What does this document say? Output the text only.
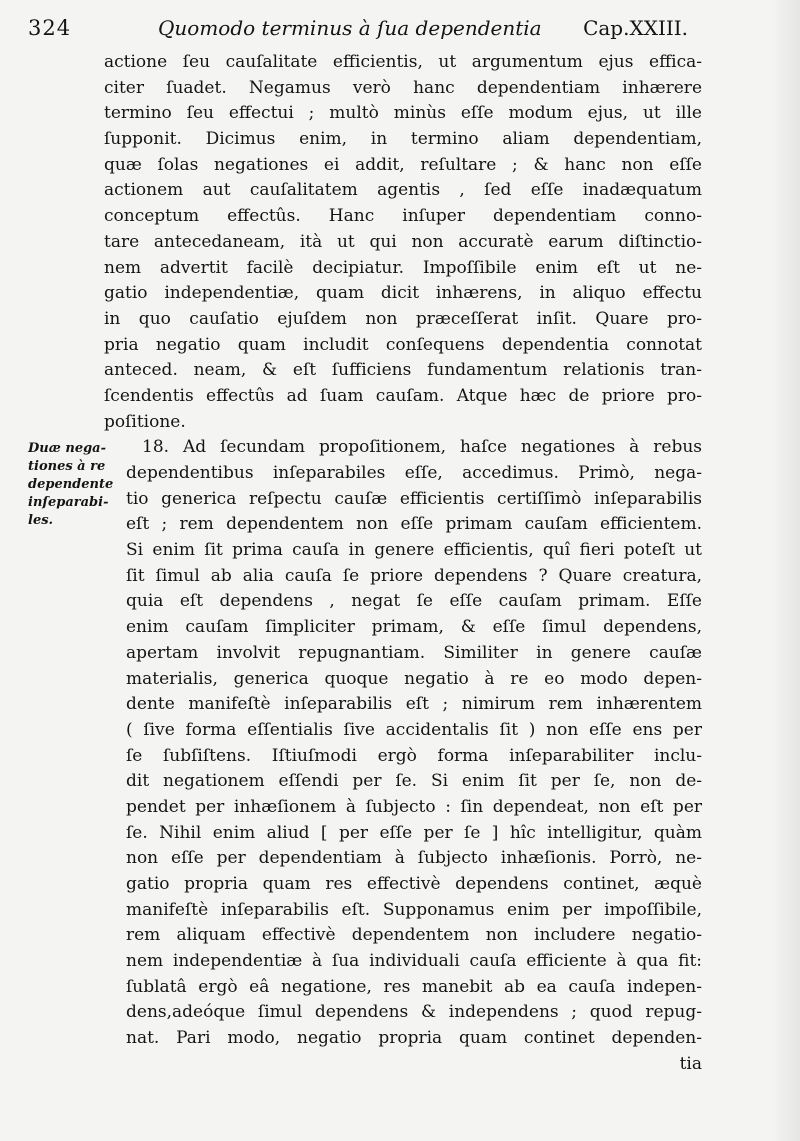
324	Quomodo terminus à ſua dependentia Cap.XXIII.
Duæ nega-
tiones à re
dependente
inſeparabi-
les.
actione ſeu cauſalitate efficientis, ut argumentum ejus effica-
citer ſuadet. Negamus verò hanc dependentiam inhærere
termino ſeu effectui ; multò minùs eſſe modum ejus, ut ille
ſupponit. Dicimus enim, in termino aliam dependentiam,
quæ ſolas negationes ei addit, reſultare ; & hanc non eſſe
actionem aut cauſalitatem agentis , ſed eſſe inadæquatum
conceptum effectûs. Hanc inſuper dependentiam conno-
tare antecedaneam, ità ut qui non accuratè earum diſtinctio-
nem advertit facilè decipiatur. Impoſſibile enim eſt ut ne-
gatio independentiæ, quam dicit inhærens, in aliquo effectu
in quo cauſatio ejuſdem non præceſſerat inſit. Quare pro-
pria negatio quam includit conſequens dependentia connotat
anteced. neam, & eſt ſufficiens fundamentum relationis tran-
ſcendentis effectûs ad ſuam cauſam. Atque hæc de priore pro-
poſitione.
18. Ad ſecundam propoſitionem, haſce negationes à rebus
dependentibus inſeparabiles eſſe, accedimus. Primò, nega-
tio generica reſpectu cauſæ efficientis certiſſimò inſeparabilis
eſt ; rem dependentem non eſſe primam cauſam efficientem.
Si enim ſit prima cauſa in genere efficientis, quî fieri poteſt ut
ſit ſimul ab alia cauſa ſe priore dependens ? Quare creatura,
quia eſt dependens , negat ſe eſſe cauſam primam. Eſſe
enim cauſam ſimpliciter primam, & eſſe ſimul dependens,
apertam involvit repugnantiam. Similiter in genere cauſæ
materialis, generica quoque negatio à re eo modo depen-
dente manifeſtè inſeparabilis eſt ; nimirum rem inhærentem
( ſive forma eſſentialis ſive accidentalis ſit ) non eſſe ens per
ſe ſubſiſtens. Iſtiuſmodi ergò forma inſeparabiliter inclu-
dit negationem eſſendi per ſe. Si enim ſit per ſe, non de-
pendet per inhæſionem à ſubjecto : ſin dependeat, non eſt per
ſe. Nihil enim aliud [ per eſſe per ſe ] hîc intelligitur, quàm
non eſſe per dependentiam à ſubjecto inhæſionis. Porrò, ne-
gatio propria quam res effectivè dependens continet, æquè
manifeſtè inſeparabilis eſt. Supponamus enim per impoſſibile,
rem aliquam effectivè dependentem non includere negatio-
nem independentiæ à ſua individuali cauſa efficiente à qua fit:
ſublatâ ergò eâ negatione, res manebit ab ea cauſa indepen-
dens,adeóque ſimul dependens & independens ; quod repug-
nat. Pari modo, negatio propria quam continet dependen-
tia
